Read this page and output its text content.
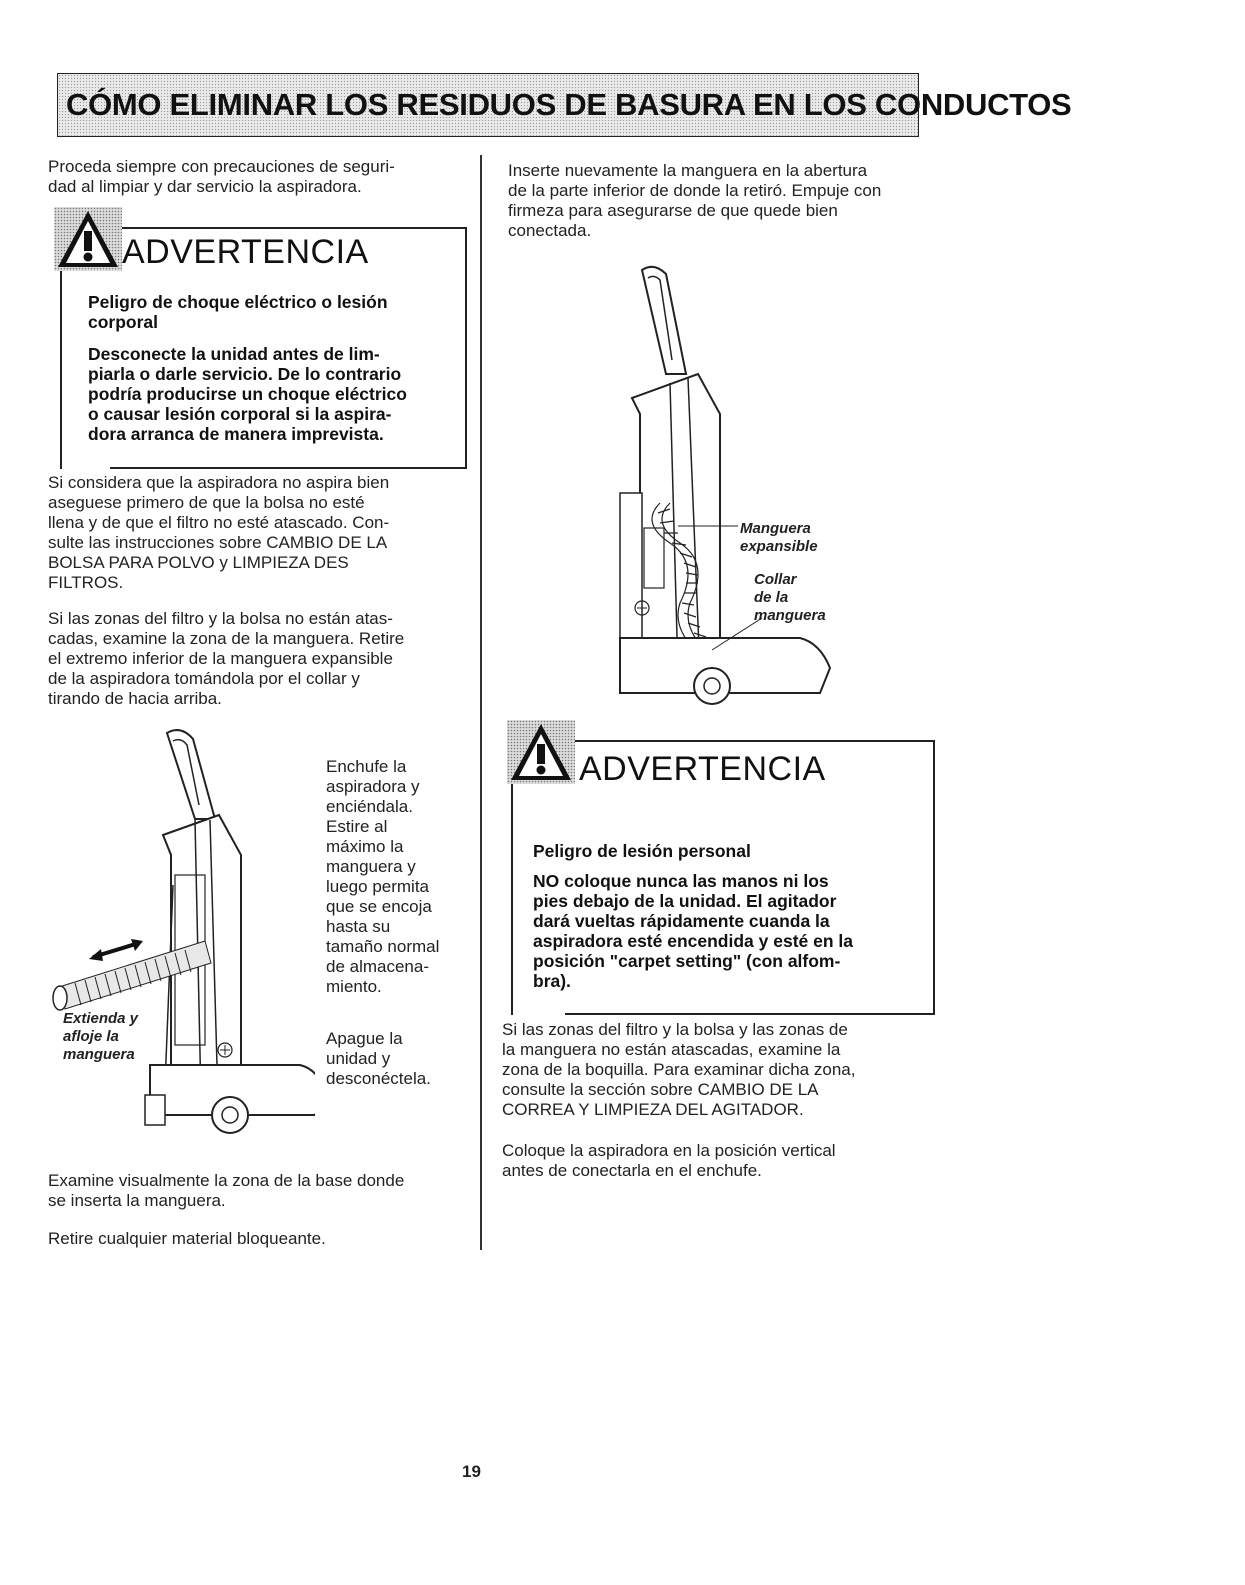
CÓMO ELIMINAR LOS RESIDUOS DE BASURA EN LOS CONDUCTOS

Proceda siempre con precauciones de seguri-
dad al limpiar y dar servicio la aspiradora.

ADVERTENCIA

Peligro de choque eléctrico o lesión
corporal

Desconecte la unidad antes de lim-
piarla o darle servicio. De lo contrario
podría producirse un choque eléctrico
o causar lesión corporal si la aspira-
dora arranca de manera imprevista.

Si considera que la aspiradora no aspira bien
aseguese primero de que la bolsa no esté
llena y de que el filtro no esté atascado. Con-
sulte las instrucciones sobre CAMBIO DE LA
BOLSA PARA POLVO y LIMPIEZA DES
FILTROS.

Si las zonas del filtro y la bolsa no están atas-
cadas, examine la zona de la manguera. Retire
el extremo inferior de la manguera expansible
de la aspiradora tomándola por el collar y
tirando de hacia arriba.

Extienda y
afloje la
manguera

Enchufe la
aspiradora y
enciéndala.
Estire al
máximo la
manguera y
luego permita
que se encoja
hasta su
tamaño normal
de almacena-
miento.

Apague la
unidad y
desconéctela.

Examine visualmente la zona de la base donde
se inserta la manguera.

Retire cualquier material bloqueante.

Inserte nuevamente la manguera en la abertura
de la parte inferior de donde la retiró. Empuje con
firmeza para asegurarse de que quede bien
conectada.

Manguera
expansible

Collar
de la
manguera

ADVERTENCIA

Peligro de lesión personal

NO coloque nunca las manos ni los
pies debajo de la unidad. El agitador
dará vueltas rápidamente cuanda la
aspiradora esté encendida y esté en la
posición "carpet setting" (con alfom-
bra).

Si las zonas del filtro y la bolsa y las zonas de
la manguera no están atascadas, examine la
zona de la boquilla. Para examinar dicha zona,
consulte la sección sobre CAMBIO DE LA
CORREA Y LIMPIEZA DEL AGITADOR.

Coloque la aspiradora en la posición vertical
antes de conectarla en el enchufe.

19
